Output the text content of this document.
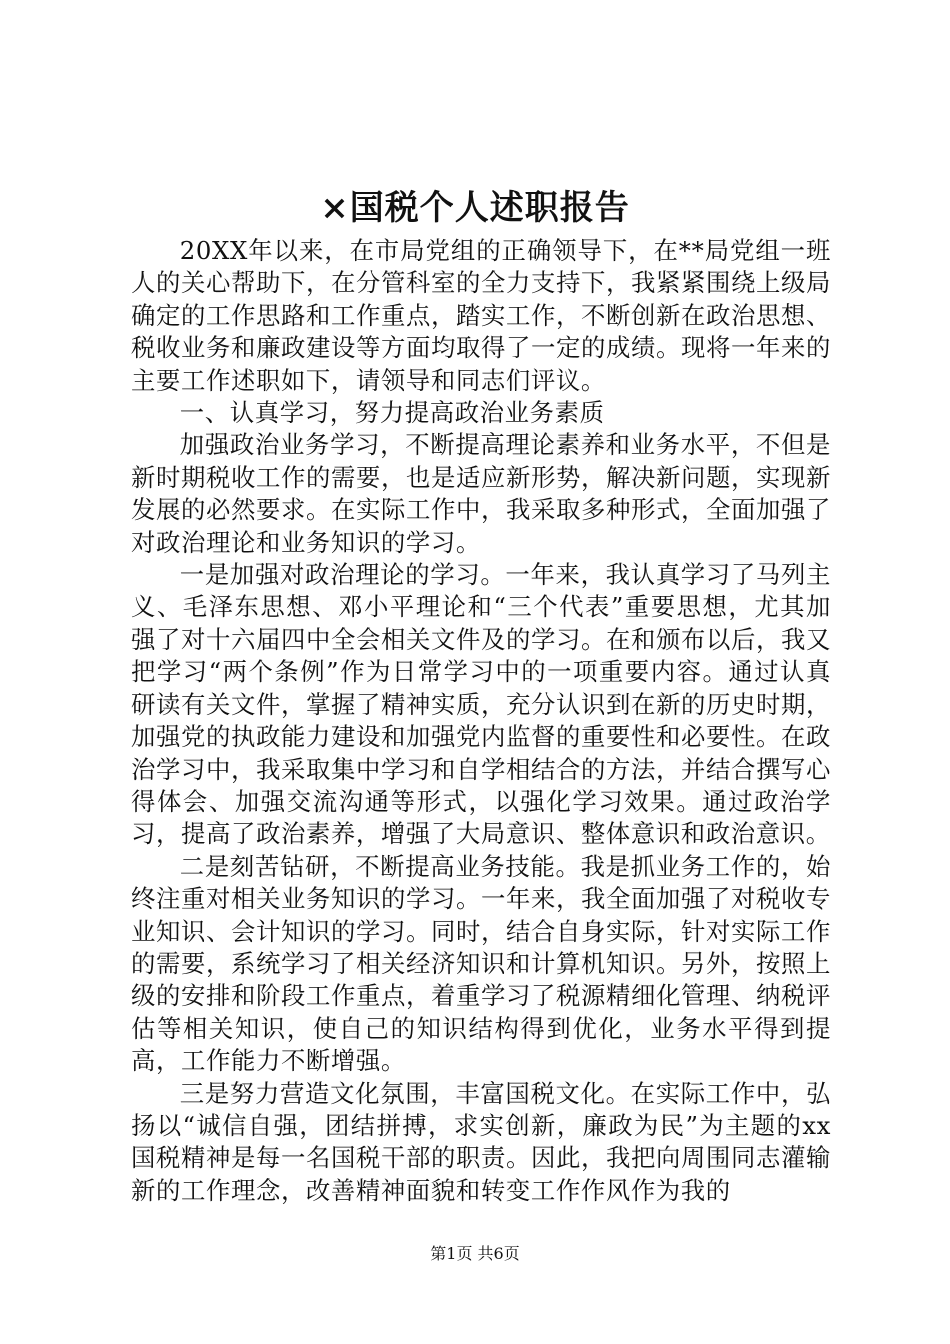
×国税个人述职报告

20XX年以来，在市局党组的正确领导下，在**局党组一班人的关心帮助下，在分管科室的全力支持下，我紧紧围绕上级局确定的工作思路和工作重点，踏实工作，不断创新在政治思想、税收业务和廉政建设等方面均取得了一定的成绩。现将一年来的主要工作述职如下，请领导和同志们评议。

一、认真学习，努力提高政治业务素质

加强政治业务学习，不断提高理论素养和业务水平，不但是新时期税收工作的需要，也是适应新形势，解决新问题，实现新发展的必然要求。在实际工作中，我采取多种形式，全面加强了对政治理论和业务知识的学习。

一是加强对政治理论的学习。一年来，我认真学习了马列主义、毛泽东思想、邓小平理论和“三个代表”重要思想，尤其加强了对十六届四中全会相关文件及的学习。在和颁布以后，我又把学习“两个条例”作为日常学习中的一项重要内容。通过认真研读有关文件，掌握了精神实质，充分认识到在新的历史时期，加强党的执政能力建设和加强党内监督的重要性和必要性。在政治学习中，我采取集中学习和自学相结合的方法，并结合撰写心得体会、加强交流沟通等形式，以强化学习效果。通过政治学习，提高了政治素养，增强了大局意识、整体意识和政治意识。

二是刻苦钻研，不断提高业务技能。我是抓业务工作的，始终注重对相关业务知识的学习。一年来，我全面加强了对税收专业知识、会计知识的学习。同时，结合自身实际，针对实际工作的需要，系统学习了相关经济知识和计算机知识。另外，按照上级的安排和阶段工作重点，着重学习了税源精细化管理、纳税评估等相关知识，使自己的知识结构得到优化，业务水平得到提高，工作能力不断增强。

三是努力营造文化氛围，丰富国税文化。在实际工作中，弘扬以“诚信自强，团结拼搏，求实创新，廉政为民”为主题的xx国税精神是每一名国税干部的职责。因此，我把向周围同志灌输新的工作理念，改善精神面貌和转变工作作风作为我的

第1页 共6页
